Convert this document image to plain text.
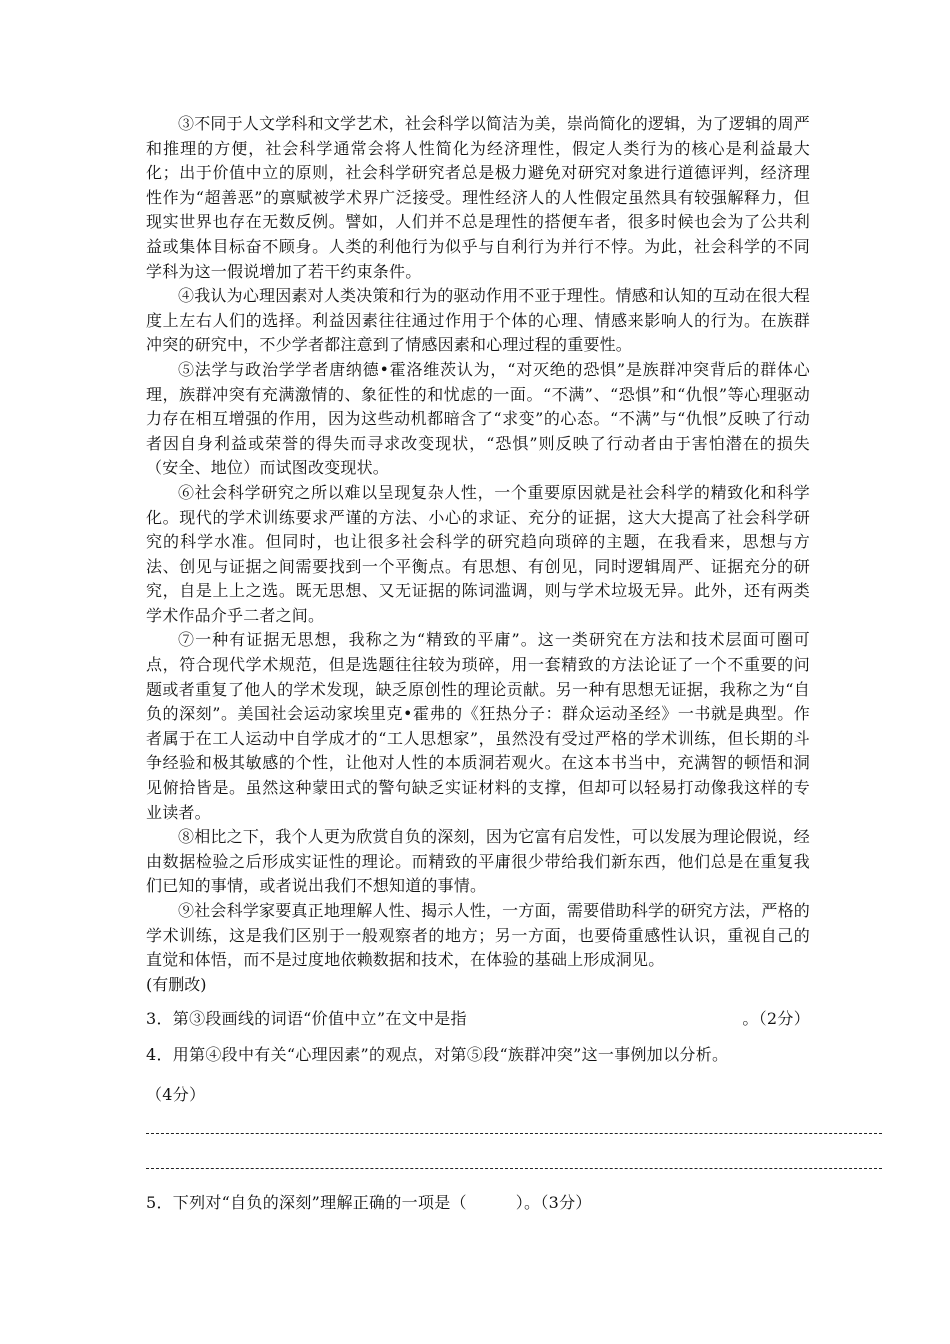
③不同于人文学科和文学艺术，社会科学以简洁为美，崇尚简化的逻辑，为了逻辑的周严和推理的方便，社会科学通常会将人性简化为经济理性，假定人类行为的核心是利益最大化；出于价值中立的原则，社会科学研究者总是极力避免对研究对象进行道德评判，经济理性作为“超善恶”的禀赋被学术界广泛接受。理性经济人的人性假定虽然具有较强解释力，但现实世界也存在无数反例。譬如，人们并不总是理性的搭便车者，很多时候也会为了公共利益或集体目标奋不顾身。人类的利他行为似乎与自利行为并行不悖。为此，社会科学的不同学科为这一假说增加了若干约束条件。

④我认为心理因素对人类决策和行为的驱动作用不亚于理性。情感和认知的互动在很大程度上左右人们的选择。利益因素往往通过作用于个体的心理、情感来影响人的行为。在族群冲突的研究中，不少学者都注意到了情感因素和心理过程的重要性。

⑤法学与政治学学者唐纳德•霍洛维茨认为，“对灭绝的恐惧”是族群冲突背后的群体心理，族群冲突有充满激情的、象征性的和忧虑的一面。“不满”、“恐惧”和“仇恨”等心理驱动力存在相互增强的作用，因为这些动机都暗含了“求变”的心态。“不满”与“仇恨”反映了行动者因自身利益或荣誉的得失而寻求改变现状，“恐惧”则反映了行动者由于害怕潜在的损失（安全、地位）而试图改变现状。

⑥社会科学研究之所以难以呈现复杂人性，一个重要原因就是社会科学的精致化和科学化。现代的学术训练要求严谨的方法、小心的求证、充分的证据，这大大提高了社会科学研究的科学水准。但同时，也让很多社会科学的研究趋向琐碎的主题，在我看来，思想与方法、创见与证据之间需要找到一个平衡点。有思想、有创见，同时逻辑周严、证据充分的研究，自是上上之选。既无思想、又无证据的陈词滥调，则与学术垃圾无异。此外，还有两类学术作品介乎二者之间。

⑦一种有证据无思想，我称之为“精致的平庸”。这一类研究在方法和技术层面可圈可点，符合现代学术规范，但是选题往往较为琐碎，用一套精致的方法论证了一个不重要的问题或者重复了他人的学术发现，缺乏原创性的理论贡献。另一种有思想无证据，我称之为“自负的深刻”。美国社会运动家埃里克•霍弗的《狂热分子：群众运动圣经》一书就是典型。作者属于在工人运动中自学成才的“工人思想家”，虽然没有受过严格的学术训练，但长期的斗争经验和极其敏感的个性，让他对人性的本质洞若观火。在这本书当中，充满智的顿悟和洞见俯拾皆是。虽然这种蒙田式的警句缺乏实证材料的支撑，但却可以轻易打动像我这样的专业读者。

⑧相比之下，我个人更为欣赏自负的深刻，因为它富有启发性，可以发展为理论假说，经由数据检验之后形成实证性的理论。而精致的平庸很少带给我们新东西，他们总是在重复我们已知的事情，或者说出我们不想知道的事情。

⑨社会科学家要真正地理解人性、揭示人性，一方面，需要借助科学的研究方法，严格的学术训练，这是我们区别于一般观察者的地方；另一方面，也要倚重感性认识，重视自己的直觉和体悟，而不是过度地依赖数据和技术，在体验的基础上形成洞见。

(有删改)

3．第③段画线的词语“价值中立”在文中是指	。（2分）

4．用第④段中有关“心理因素”的观点，对第⑤段“族群冲突”这一事例加以分析。

（4分）

5．下列对“自负的深刻”理解正确的一项是（　　　）。（3分）
